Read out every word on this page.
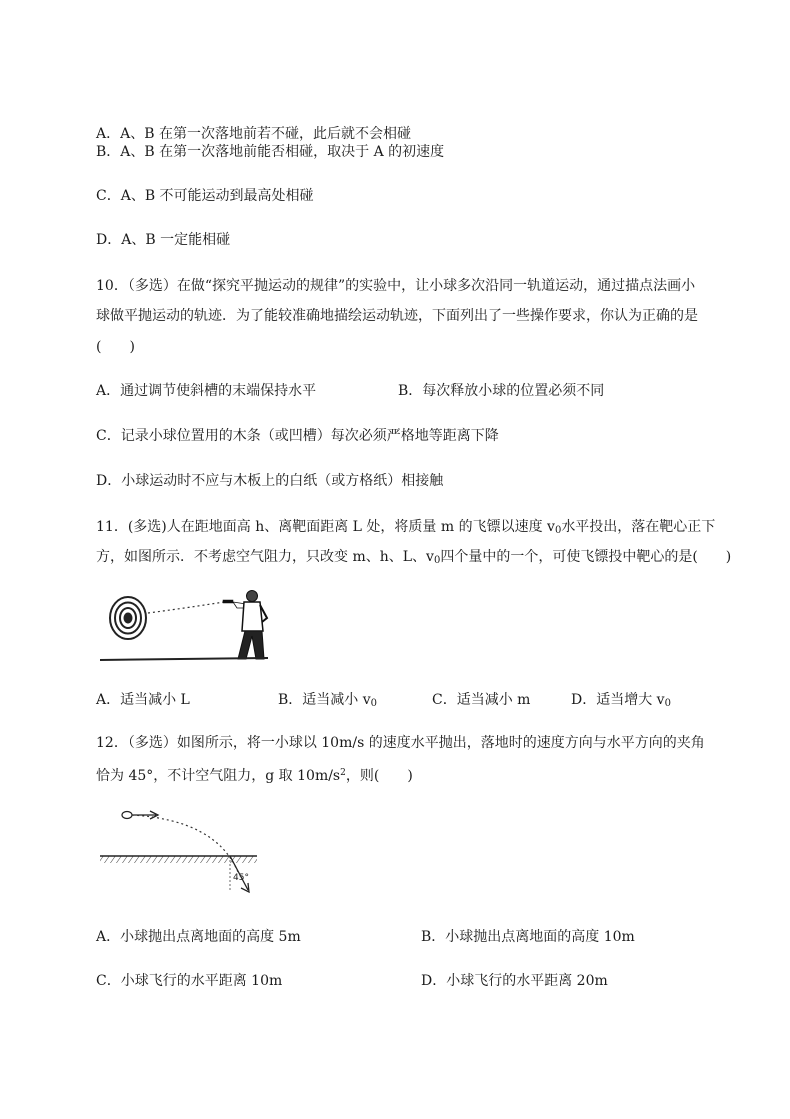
A．A、B 在第一次落地前若不碰，此后就不会相碰
B．A、B 在第一次落地前能否相碰，取决于 A 的初速度
C．A、B 不可能运动到最高处相碰
D．A、B 一定能相碰
10．（多选）在做“探究平抛运动的规律”的实验中，让小球多次沿同一轨道运动，通过描点法画小
球做平抛运动的轨迹．为了能较准确地描绘运动轨迹，下面列出了一些操作要求，你认为正确的是
(　　)
A．通过调节使斜槽的末端保持水平	B．每次释放小球的位置必须不同
C．记录小球位置用的木条（或凹槽）每次必须严格地等距离下降
D．小球运动时不应与木板上的白纸（或方格纸）相接触
11．(多选)人在距地面高 h、离靶面距离 L 处，将质量 m 的飞镖以速度 $v_0$水平投出，落在靶心正下
方，如图所示．不考虑空气阻力，只改变 m、h、L、$v_0$四个量中的一个，可使飞镖投中靶心的是(　　)
A．适当减小 L	B．适当减小 $v_0$	C．适当减小 m	D．适当增大 $v_0$
12．（多选）如图所示，将一小球以 10m/s 的速度水平抛出，落地时的速度方向与水平方向的夹角
恰为 45°，不计空气阻力，g 取 $10m/s^2$，则(　　)
45°
A．小球抛出点离地面的高度 5m	B．小球抛出点离地面的高度 10m
C．小球飞行的水平距离 10m	D．小球飞行的水平距离 20m
